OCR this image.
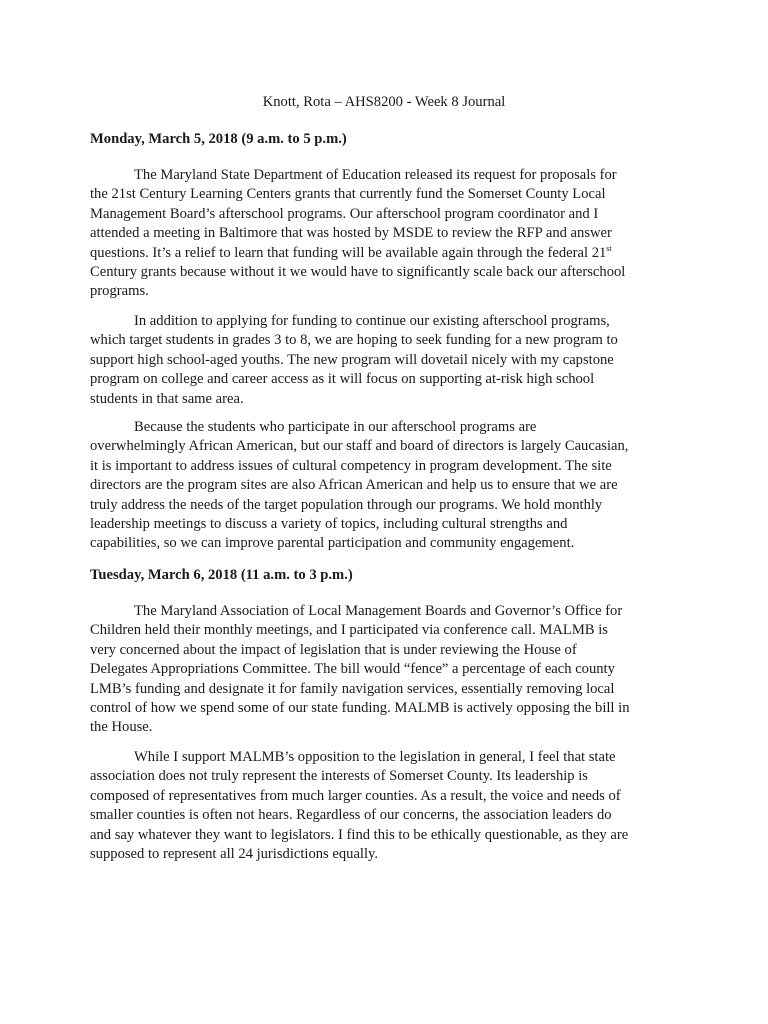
Knott, Rota – AHS8200 - Week 8 Journal
Monday, March 5, 2018 (9 a.m. to 5 p.m.)
The Maryland State Department of Education released its request for proposals for
the 21st Century Learning Centers grants that currently fund the Somerset County Local
Management Board’s afterschool programs. Our afterschool program coordinator and I
attended a meeting in Baltimore that was hosted by MSDE to review the RFP and answer
questions. It’s a relief to learn that funding will be available again through the federal 21st
Century grants because without it we would have to significantly scale back our afterschool
programs.
In addition to applying for funding to continue our existing afterschool programs,
which target students in grades 3 to 8, we are hoping to seek funding for a new program to
support high school-aged youths. The new program will dovetail nicely with my capstone
program on college and career access as it will focus on supporting at-risk high school
students in that same area.
Because the students who participate in our afterschool programs are
overwhelmingly African American, but our staff and board of directors is largely Caucasian,
it is important to address issues of cultural competency in program development. The site
directors are the program sites are also African American and help us to ensure that we are
truly address the needs of the target population through our programs. We hold monthly
leadership meetings to discuss a variety of topics, including cultural strengths and
capabilities, so we can improve parental participation and community engagement.
Tuesday, March 6, 2018 (11 a.m. to 3 p.m.)
The Maryland Association of Local Management Boards and Governor’s Office for
Children held their monthly meetings, and I participated via conference call. MALMB is
very concerned about the impact of legislation that is under reviewing the House of
Delegates Appropriations Committee. The bill would “fence” a percentage of each county
LMB’s funding and designate it for family navigation services, essentially removing local
control of how we spend some of our state funding. MALMB is actively opposing the bill in
the House.
While I support MALMB’s opposition to the legislation in general, I feel that state
association does not truly represent the interests of Somerset County. Its leadership is
composed of representatives from much larger counties. As a result, the voice and needs of
smaller counties is often not hears. Regardless of our concerns, the association leaders do
and say whatever they want to legislators. I find this to be ethically questionable, as they are
supposed to represent all 24 jurisdictions equally.
